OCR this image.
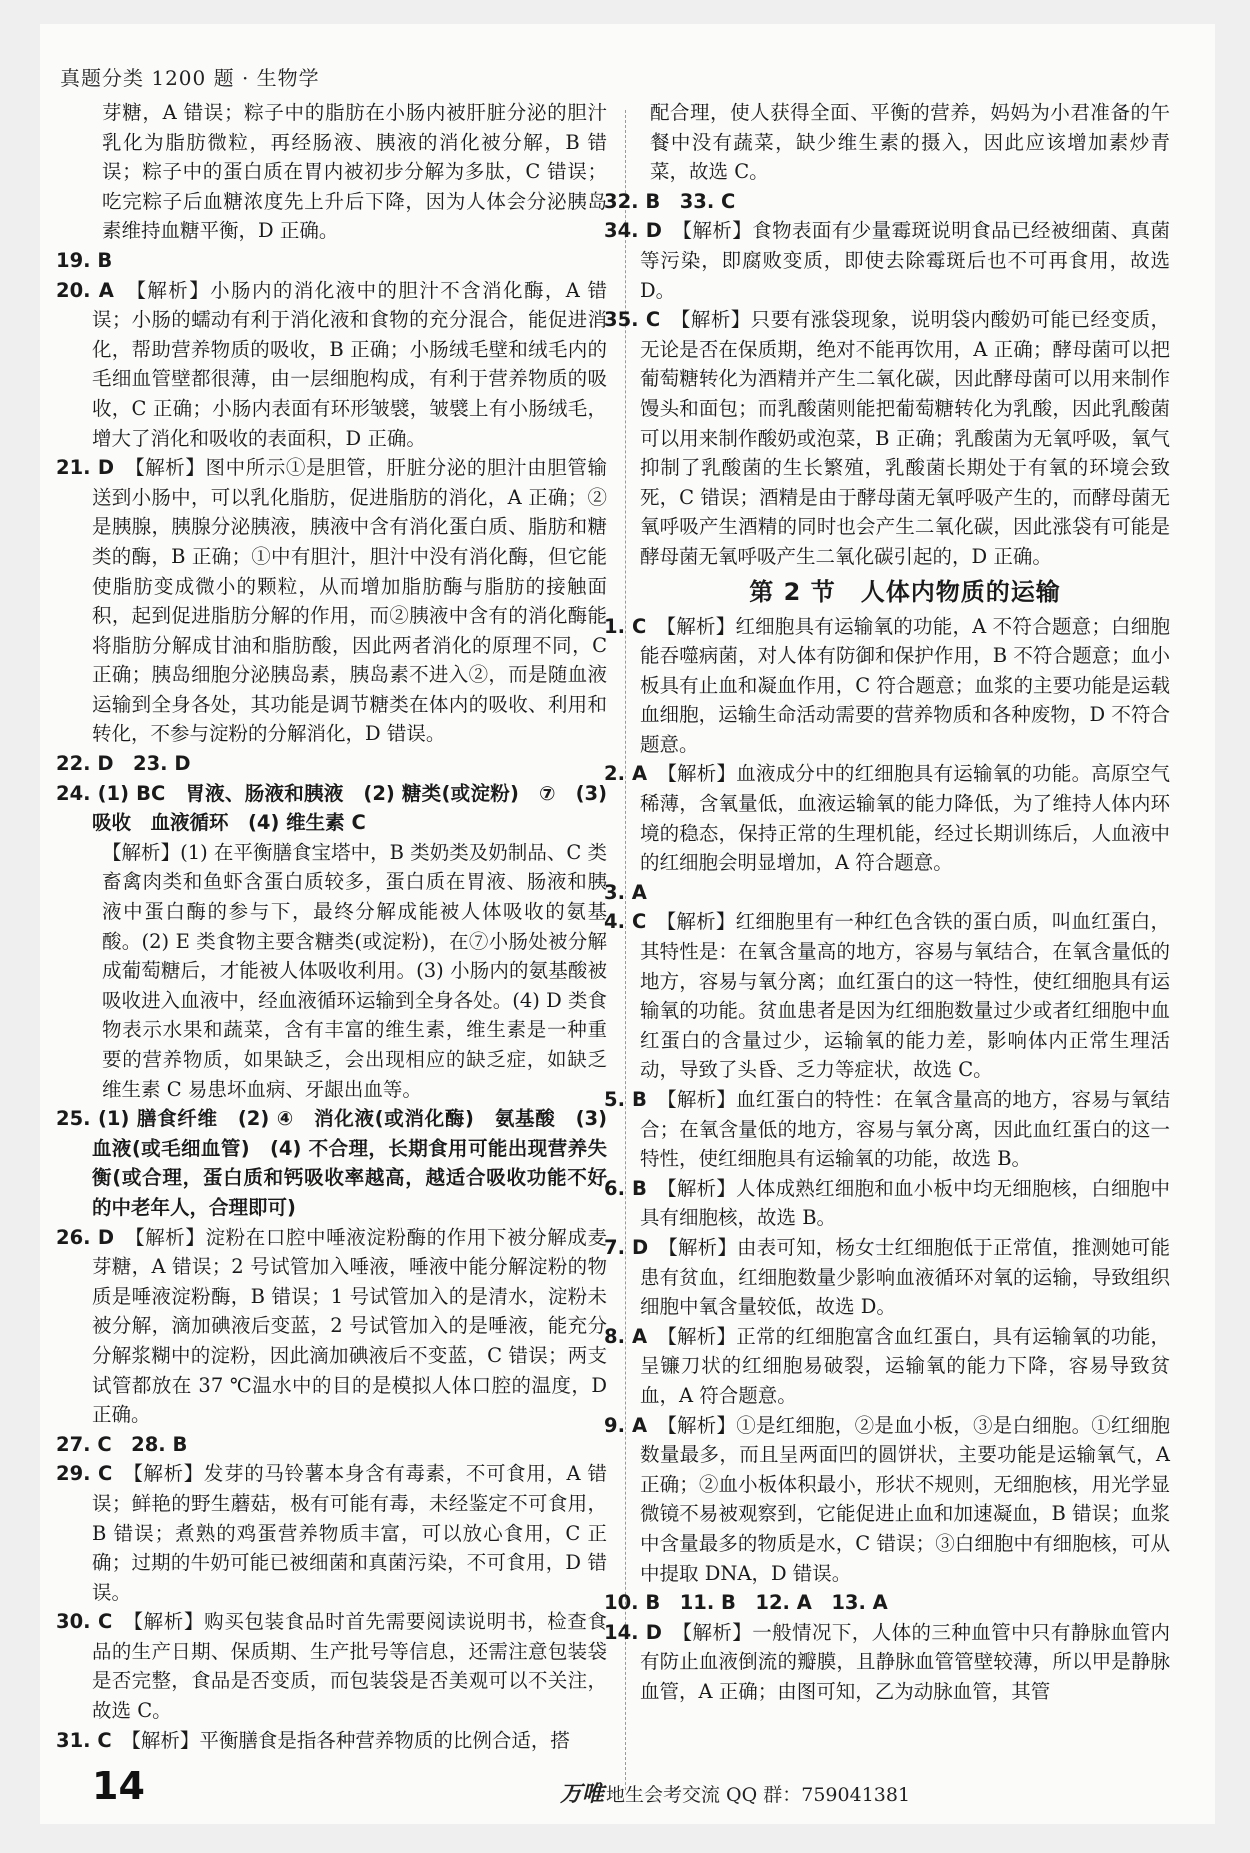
真题分类 1200 题 · 生物学

芽糖，A 错误；粽子中的脂肪在小肠内被肝脏分泌的胆汁乳化为脂肪微粒，再经肠液、胰液的消化被分解，B 错误；粽子中的蛋白质在胃内被初步分解为多肽，C 错误；吃完粽子后血糖浓度先上升后下降，因为人体会分泌胰岛素维持血糖平衡，D 正确。

19. B

20. A　 【解析】小肠内的消化液中的胆汁不含消化酶，A 错误；小肠的蠕动有利于消化液和食物的充分混合，能促进消化，帮助营养物质的吸收，B 正确；小肠绒毛壁和绒毛内的毛细血管壁都很薄，由一层细胞构成，有利于营养物质的吸收，C 正确；小肠内表面有环形皱襞，皱襞上有小肠绒毛，增大了消化和吸收的表面积，D 正确。

21. D　 【解析】图中所示①是胆管，肝脏分泌的胆汁由胆管输送到小肠中，可以乳化脂肪，促进脂肪的消化，A 正确；②是胰腺，胰腺分泌胰液，胰液中含有消化蛋白质、脂肪和糖类的酶，B 正确；①中有胆汁，胆汁中没有消化酶，但它能使脂肪变成微小的颗粒，从而增加脂肪酶与脂肪的接触面积，起到促进脂肪分解的作用，而②胰液中含有的消化酶能将脂肪分解成甘油和脂肪酸，因此两者消化的原理不同，C 正确；胰岛细胞分泌胰岛素，胰岛素不进入②，而是随血液运输到全身各处，其功能是调节糖类在体内的吸收、利用和转化，不参与淀粉的分解消化，D 错误。

22. D　23. D

24. (1) BC　胃液、肠液和胰液　(2) 糖类(或淀粉)　⑦　(3) 吸收　血液循环　(4) 维生素 C

【解析】(1) 在平衡膳食宝塔中，B 类奶类及奶制品、C 类畜禽肉类和鱼虾含蛋白质较多，蛋白质在胃液、肠液和胰液中蛋白酶的参与下，最终分解成能被人体吸收的氨基酸。(2) E 类食物主要含糖类(或淀粉)，在⑦小肠处被分解成葡萄糖后，才能被人体吸收利用。(3) 小肠内的氨基酸被吸收进入血液中，经血液循环运输到全身各处。(4) D 类食物表示水果和蔬菜，含有丰富的维生素，维生素是一种重要的营养物质，如果缺乏，会出现相应的缺乏症，如缺乏维生素 C 易患坏血病、牙龈出血等。

25. (1) 膳食纤维　(2) ④　消化液(或消化酶)　氨基酸　(3) 血液(或毛细血管)　(4) 不合理，长期食用可能出现营养失衡(或合理，蛋白质和钙吸收率越高，越适合吸收功能不好的中老年人，合理即可)

26. D　 【解析】淀粉在口腔中唾液淀粉酶的作用下被分解成麦芽糖，A 错误；2 号试管加入唾液，唾液中能分解淀粉的物质是唾液淀粉酶，B 错误；1 号试管加入的是清水，淀粉未被分解，滴加碘液后变蓝，2 号试管加入的是唾液，能充分分解浆糊中的淀粉，因此滴加碘液后不变蓝，C 错误；两支试管都放在 37 ℃温水中的目的是模拟人体口腔的温度，D 正确。

27. C　28. B

29. C　 【解析】发芽的马铃薯本身含有毒素，不可食用，A 错误；鲜艳的野生蘑菇，极有可能有毒，未经鉴定不可食用，B 错误；煮熟的鸡蛋营养物质丰富，可以放心食用，C 正确；过期的牛奶可能已被细菌和真菌污染，不可食用，D 错误。

30. C　 【解析】购买包装食品时首先需要阅读说明书，检查食品的生产日期、保质期、生产批号等信息，还需注意包装袋是否完整，食品是否变质，而包装袋是否美观可以不关注，故选 C。

31. C　 【解析】平衡膳食是指各种营养物质的比例合适，搭

配合理，使人获得全面、平衡的营养，妈妈为小君准备的午餐中没有蔬菜，缺少维生素的摄入，因此应该增加素炒青菜，故选 C。

32. B　33. C

34. D　 【解析】食物表面有少量霉斑说明食品已经被细菌、真菌等污染，即腐败变质，即使去除霉斑后也不可再食用，故选 D。

35. C　 【解析】只要有涨袋现象，说明袋内酸奶可能已经变质，无论是否在保质期，绝对不能再饮用，A 正确；酵母菌可以把葡萄糖转化为酒精并产生二氧化碳，因此酵母菌可以用来制作馒头和面包；而乳酸菌则能把葡萄糖转化为乳酸，因此乳酸菌可以用来制作酸奶或泡菜，B 正确；乳酸菌为无氧呼吸，氧气抑制了乳酸菌的生长繁殖，乳酸菌长期处于有氧的环境会致死，C 错误；酒精是由于酵母菌无氧呼吸产生的，而酵母菌无氧呼吸产生酒精的同时也会产生二氧化碳，因此涨袋有可能是酵母菌无氧呼吸产生二氧化碳引起的，D 正确。

第 2 节　人体内物质的运输

1. C　 【解析】红细胞具有运输氧的功能，A 不符合题意；白细胞能吞噬病菌，对人体有防御和保护作用，B 不符合题意；血小板具有止血和凝血作用，C 符合题意；血浆的主要功能是运载血细胞，运输生命活动需要的营养物质和各种废物，D 不符合题意。

2. A　 【解析】血液成分中的红细胞具有运输氧的功能。高原空气稀薄，含氧量低，血液运输氧的能力降低，为了维持人体内环境的稳态，保持正常的生理机能，经过长期训练后，人血液中的红细胞会明显增加，A 符合题意。

3. A

4. C　 【解析】红细胞里有一种红色含铁的蛋白质，叫血红蛋白，其特性是：在氧含量高的地方，容易与氧结合，在氧含量低的地方，容易与氧分离；血红蛋白的这一特性，使红细胞具有运输氧的功能。贫血患者是因为红细胞数量过少或者红细胞中血红蛋白的含量过少，运输氧的能力差，影响体内正常生理活动，导致了头昏、乏力等症状，故选 C。

5. B　 【解析】血红蛋白的特性：在氧含量高的地方，容易与氧结合；在氧含量低的地方，容易与氧分离，因此血红蛋白的这一特性，使红细胞具有运输氧的功能，故选 B。

6. B　 【解析】人体成熟红细胞和血小板中均无细胞核，白细胞中具有细胞核，故选 B。

7. D　 【解析】由表可知，杨女士红细胞低于正常值，推测她可能患有贫血，红细胞数量少影响血液循环对氧的运输，导致组织细胞中氧含量较低，故选 D。

8. A　 【解析】正常的红细胞富含血红蛋白，具有运输氧的功能，呈镰刀状的红细胞易破裂，运输氧的能力下降，容易导致贫血，A 符合题意。

9. A　 【解析】①是红细胞，②是血小板，③是白细胞。①红细胞数量最多，而且呈两面凹的圆饼状，主要功能是运输氧气，A 正确；②血小板体积最小，形状不规则，无细胞核，用光学显微镜不易被观察到，它能促进止血和加速凝血，B 错误；血浆中含量最多的物质是水，C 错误；③白细胞中有细胞核，可从中提取 DNA，D 错误。

10. B　11. B　12. A　13. A

14. D　 【解析】一般情况下，人体的三种血管中只有静脉血管内有防止血液倒流的瓣膜，且静脉血管管壁较薄，所以甲是静脉血管，A 正确；由图可知，乙为动脉血管，其管

14	万唯 地生会考交流 QQ 群：759041381
